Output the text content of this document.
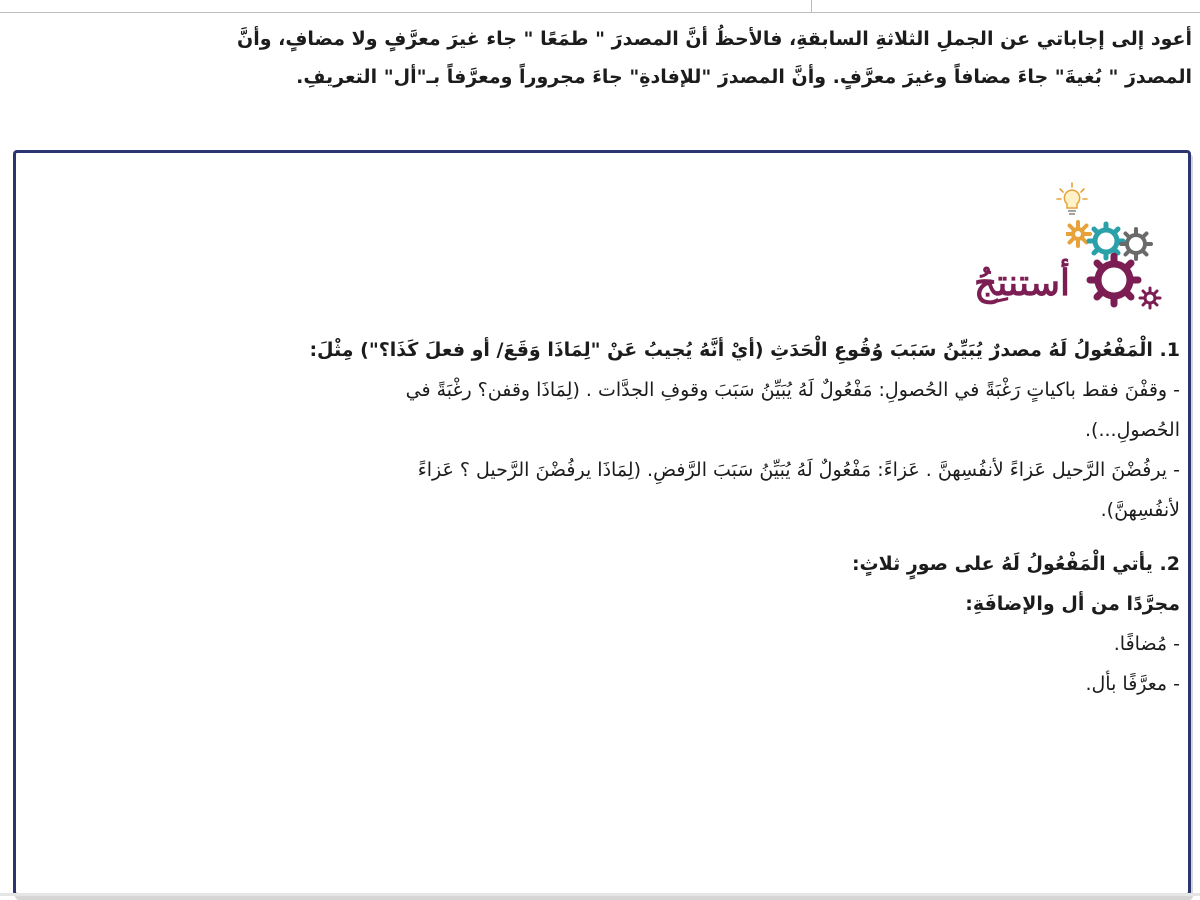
أعود إلى إجاباتي عن الجملِ الثلاثةِ السابقةِ، فالأحظُ أنَّ المصدرَ " طمَعًا " جاء غيرَ معرَّفٍ ولا مضافٍ، وأنَّ
المصدرَ " بُغيةَ" جاءَ مضافاً وغيرَ معرَّفٍ. وأنَّ المصدرَ "للإفادةِ" جاءَ مجروراً ومعرَّفاً بـ"أل" التعريفِ.
أستنتِجُ

1. الْمَفْعُولُ لَهُ مصدرٌ يُبَيِّنُ سَبَبَ وُقُوعِ الْحَدَثِ (أيْ أنَّهُ يُجيبُ عَنْ "لِمَاذَا وَقَعَ/ أو فعلَ كَذَا؟") مِثْلَ:

- وقفْنَ فقط باكياتٍ رَغْبَةً في الحُصولِ: مَفْعُولٌ لَهُ يُبَيِّنُ سَبَبَ وقوفِ الجدَّات . (لِمَاذَا وقفن؟ رغْبَةً في

الحُصولِ...).

- يرفُضْنَ الرَّحيل عَزاءً لأنفُسِهنَّ . عَزاءً: مَفْعُولٌ لَهُ يُبَيِّنُ سَبَبَ الرَّفضِ. (لِمَاذَا يرفُضْنَ الرَّحيل ؟ عَزاءً

لأنفُسِهنَّ).

2. يأتي الْمَفْعُولُ لَهُ على صورٍ ثلاثٍ:

مجرَّدًا من أل والإضافَةِ:

- مُضافًا.

- معرَّفًا بأل.
